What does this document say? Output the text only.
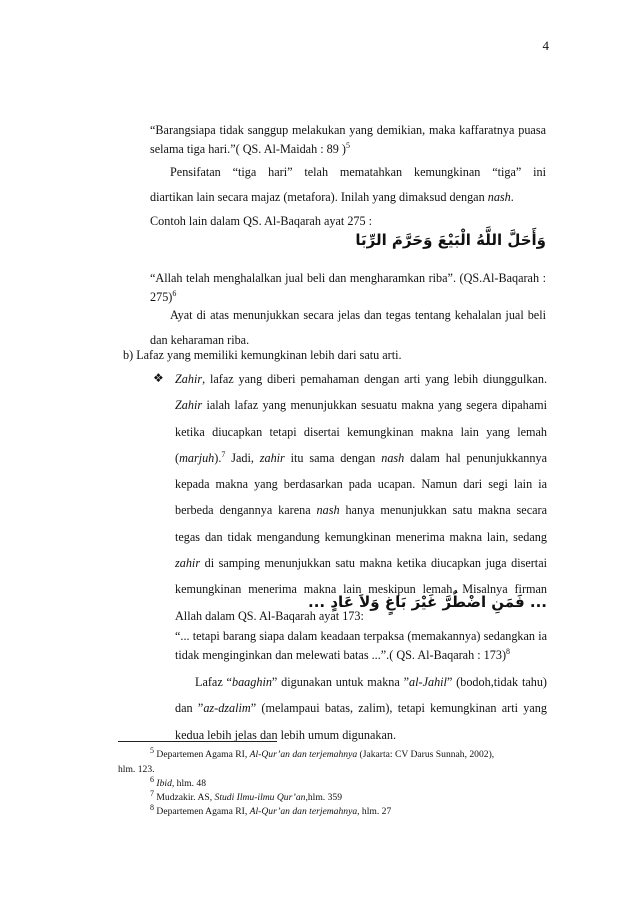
4
“Barangsiapa tidak sanggup melakukan yang demikian, maka kaffaratnya puasa selama tiga hari.”( QS. Al-Maidah : 89 )$^5$
Pensifatan “tiga hari” telah mematahkan kemungkinan “tiga” ini
diartikan lain secara majaz (metafora). Inilah yang dimaksud dengan nash.
Contoh lain dalam QS. Al-Baqarah ayat 275 :
وَأَحَلَّ اللَّهُ الْبَيْعَ وَحَرَّمَ الرِّبَا
“Allah telah menghalalkan jual beli dan mengharamkan riba”. (QS.Al-Baqarah : 275)$^6$
Ayat di atas menunjukkan secara jelas dan tegas tentang kehalalan jual beli dan keharaman riba.
b) Lafaz yang memiliki kemungkinan lebih dari satu arti.
❖ Zahir, lafaz yang diberi pemahaman dengan arti yang lebih diunggulkan. Zahir ialah lafaz yang menunjukkan sesuatu makna yang segera dipahami ketika diucapkan tetapi disertai kemungkinan makna lain yang lemah (marjuh).$^7$ Jadi, zahir itu sama dengan nash dalam hal penunjukkannya kepada makna yang berdasarkan pada ucapan. Namun dari segi lain ia berbeda dengannya karena nash hanya menunjukkan satu makna secara tegas dan tidak mengandung kemungkinan menerima makna lain, sedang zahir di samping menunjukkan satu makna ketika diucapkan juga disertai kemungkinan menerima makna lain meskipun lemah. Misalnya firman Allah dalam QS. Al-Baqarah ayat 173:
... فَمَنِ اضْطُرَّ غَيْرَ بَاغٍ وَلاَ عَادٍ ...
“... tetapi barang siapa dalam keadaan terpaksa (memakannya) sedangkan ia tidak menginginkan dan melewati batas ...”.( QS. Al-Baqarah : 173)$^8$
Lafaz “baaghin” digunakan untuk makna ”al-Jahil” (bodoh,tidak tahu) dan ”az-dzalim” (melampaui batas, zalim), tetapi kemungkinan arti yang kedua lebih jelas dan lebih umum digunakan.
$^5$ Departemen Agama RI, Al-Qur’an dan terjemahnya (Jakarta: CV Darus Sunnah, 2002),
hlm. 123.
$^6$ Ibid, hlm. 48
$^7$ Mudzakir. AS, Studi Ilmu-ilmu Qur’an,hlm. 359
$^8$ Departemen Agama RI, Al-Qur’an dan terjemahnya, hlm. 27
